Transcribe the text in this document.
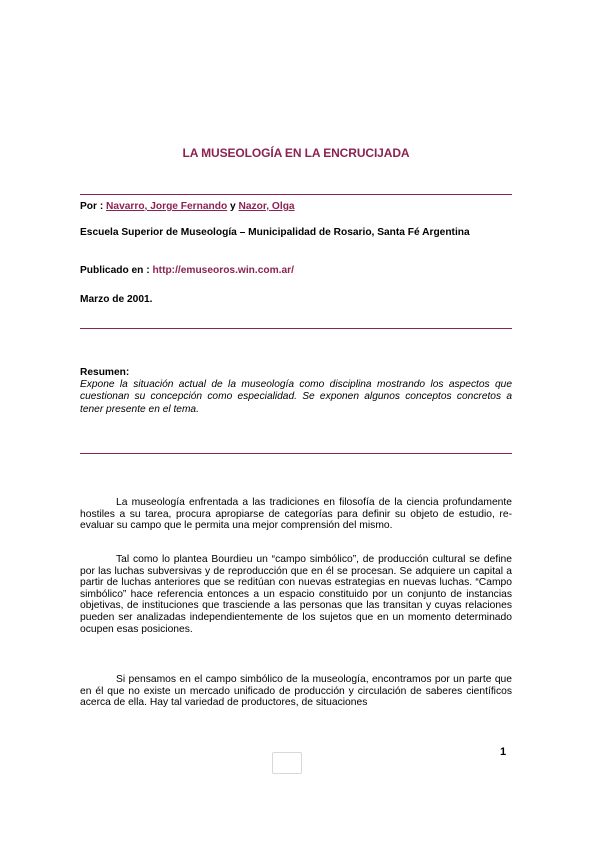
LA MUSEOLOGÍA EN LA ENCRUCIJADA
Por : Navarro, Jorge Fernando y Nazor, Olga
Escuela Superior de Museología – Municipalidad de Rosario, Santa Fé Argentina
Publicado en : http://emuseoros.win.com.ar/
Marzo de 2001.
Resumen:
Expone la situación actual de la museología como disciplina mostrando los aspectos que cuestionan su concepción como especialidad. Se exponen algunos conceptos concretos a tener presente en el tema.
La museología enfrentada a las tradiciones en filosofía de la ciencia profundamente hostiles a su tarea, procura apropiarse de categorías para definir su objeto de estudio, re-evaluar su campo que le permita una mejor comprensión del mismo.
Tal como lo plantea Bourdieu un “campo simbólico”, de producción cultural se define por las luchas subversivas y de reproducción que en él se procesan. Se adquiere un capital a partir de luchas anteriores que se reditúan con nuevas estrategias en nuevas luchas. “Campo simbólico” hace referencia entonces a un espacio constituido por un conjunto de instancias objetivas, de instituciones que trasciende a las personas que las transitan y cuyas relaciones pueden ser analizadas independientemente de los sujetos que en un momento determinado ocupen esas posiciones.
Si pensamos en el campo simbólico de la museología, encontramos por un parte que en él que no existe un mercado unificado de producción y circulación de saberes científicos acerca de ella. Hay tal variedad de productores, de situaciones
1
